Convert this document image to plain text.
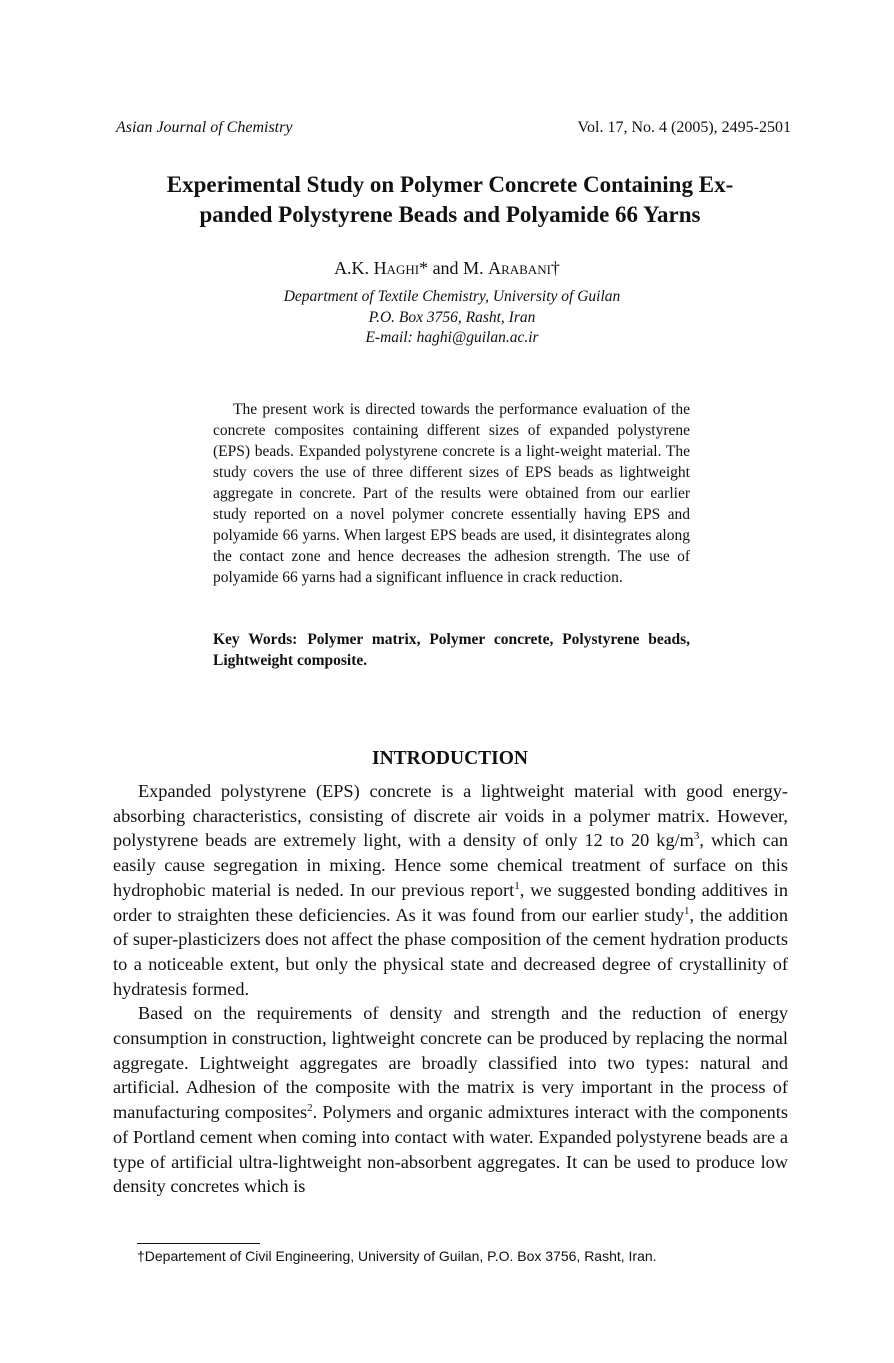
Asian Journal of Chemistry	Vol. 17, No. 4 (2005), 2495-2501
Experimental Study on Polymer Concrete Containing Ex-
panded Polystyrene Beads and Polyamide 66 Yarns
A.K. Haghi* and M. Arabani†
Department of Textile Chemistry, University of Guilan
P.O. Box 3756, Rasht, Iran
E-mail: haghi@guilan.ac.ir

The present work is directed towards the performance evaluation of the concrete composites containing different sizes of expanded polystyrene (EPS) beads. Expanded polystyrene concrete is a light-weight material. The study covers the use of three different sizes of EPS beads as lightweight aggregate in concrete. Part of the results were obtained from our earlier study reported on a novel polymer concrete essentially having EPS and polyamide 66 yarns. When largest EPS beads are used, it disintegrates along the contact zone and hence decreases the adhesion strength. The use of polyamide 66 yarns had a significant influence in crack reduction.

Key Words: Polymer matrix, Polymer concrete, Polystyrene beads, Lightweight composite.

INTRODUCTION

Expanded polystyrene (EPS) concrete is a lightweight material with good energy-absorbing characteristics, consisting of discrete air voids in a polymer matrix. However, polystyrene beads are extremely light, with a density of only 12 to 20 $kg/m^3$, which can easily cause segregation in mixing. Hence some chemical treatment of surface on this hydrophobic material is neded. In our previous report$^1$, we suggested bonding additives in order to straighten these deficiencies. As it was found from our earlier study$^1$, the addition of super-plasticizers does not affect the phase composition of the cement hydration products to a noticeable extent, but only the physical state and decreased degree of crystallinity of hydratesis formed.

Based on the requirements of density and strength and the reduction of energy consumption in construction, lightweight concrete can be produced by replacing the normal aggregate. Lightweight aggregates are broadly classified into two types: natural and artificial. Adhesion of the composite with the matrix is very important in the process of manufacturing composites$^2$. Polymers and organic admixtures interact with the components of Portland cement when coming into contact with water. Expanded polystyrene beads are a type of artificial ultra-lightweight non-absorbent aggregates. It can be used to produce low density concretes which is

†Departement of Civil Engineering, University of Guilan, P.O. Box 3756, Rasht, Iran.
